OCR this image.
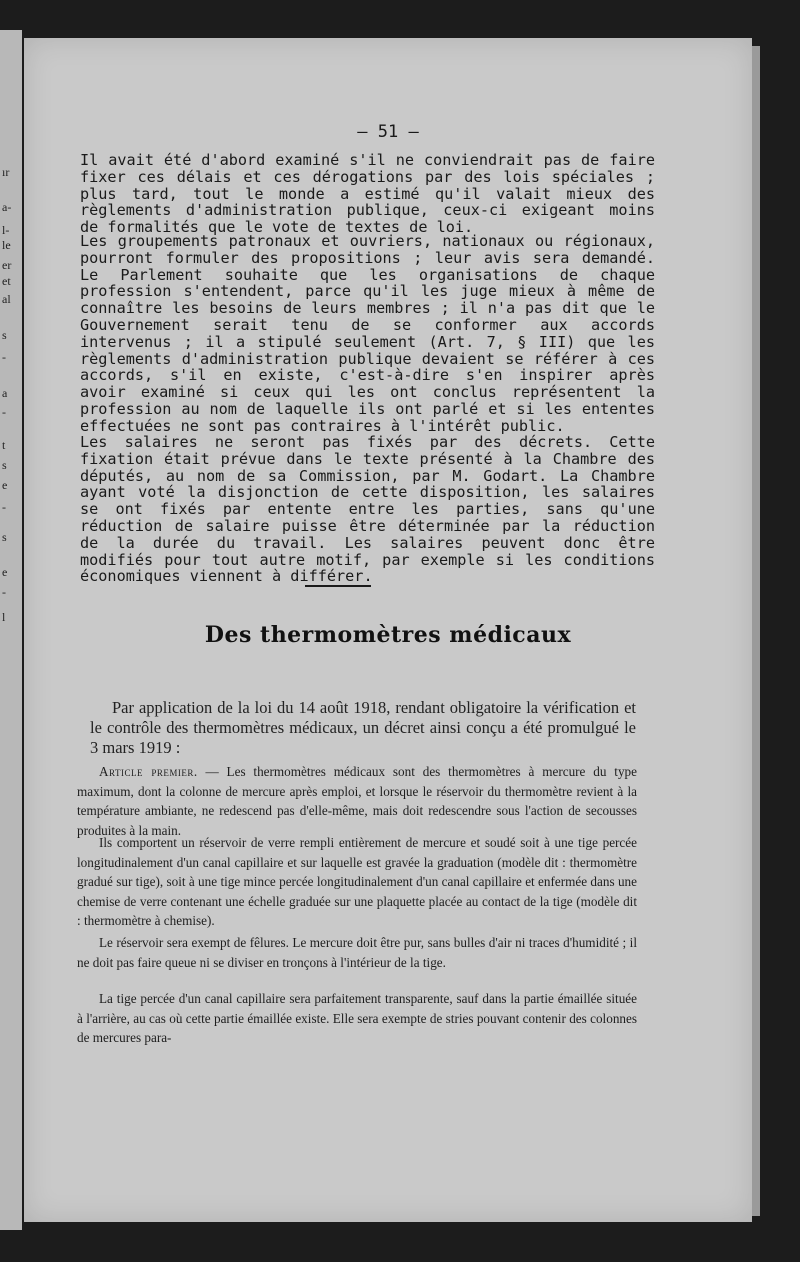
ır
a-
l-
le
er
et
al
s
-
a
-
t
s
e
-
s
e
-
l
— 51 —

Il avait été d'abord examiné s'il ne conviendrait pas de faire fixer ces délais et ces dérogations par des lois spéciales ; plus tard, tout le monde a estimé qu'il valait mieux des règlements d'administration publique, ceux-ci exigeant moins de formalités que le vote de textes de loi.

Les groupements patronaux et ouvriers, nationaux ou régionaux, pourront formuler des propositions ; leur avis sera demandé. Le Parlement souhaite que les organisations de chaque profession s'entendent, parce qu'il les juge mieux à même de connaître les besoins de leurs membres ; il n'a pas dit que le Gouvernement serait tenu de se conformer aux accords intervenus ; il a stipulé seulement (Art. 7, § III) que les règlements d'administration publique devaient se référer à ces accords, s'il en existe, c'est-à-dire s'en inspirer après avoir examiné si ceux qui les ont conclus représentent la profession au nom de laquelle ils ont parlé et si les ententes effectuées ne sont pas contraires à l'intérêt public.

Les salaires ne seront pas fixés par des décrets. Cette fixation était prévue dans le texte présenté à la Chambre des députés, au nom de sa Commission, par M. Godart. La Chambre ayant voté la disjonction de cette disposition, les salaires se ont fixés par entente entre les parties, sans qu'une réduction de salaire puisse être déterminée par la réduction de la durée du travail. Les salaires peuvent donc être modifiés pour tout autre motif, par exemple si les conditions économiques viennent à différer.

Des thermomètres médicaux

Par application de la loi du 14 août 1918, rendant obligatoire la vérification et le contrôle des thermomètres médicaux, un décret ainsi conçu a été promulgué le 3 mars 1919 :

Article premier. — Les thermomètres médicaux sont des thermomètres à mercure du type maximum, dont la colonne de mercure après emploi, et lorsque le réservoir du thermomètre revient à la température ambiante, ne redescend pas d'elle-même, mais doit redescendre sous l'action de secousses produites à la main.

Ils comportent un réservoir de verre rempli entièrement de mercure et soudé soit à une tige percée longitudinalement d'un canal capillaire et sur laquelle est gravée la graduation (modèle dit : thermomètre gradué sur tige), soit à une tige mince percée longitudinalement d'un canal capillaire et enfermée dans une chemise de verre contenant une échelle graduée sur une plaquette placée au contact de la tige (modèle dit : thermomètre à chemise).

Le réservoir sera exempt de fêlures. Le mercure doit être pur, sans bulles d'air ni traces d'humidité ; il ne doit pas faire queue ni se diviser en tronçons à l'intérieur de la tige.

La tige percée d'un canal capillaire sera parfaitement transparente, sauf dans la partie émaillée située à l'arrière, au cas où cette partie émaillée existe. Elle sera exempte de stries pouvant contenir des colonnes de mercures para-
